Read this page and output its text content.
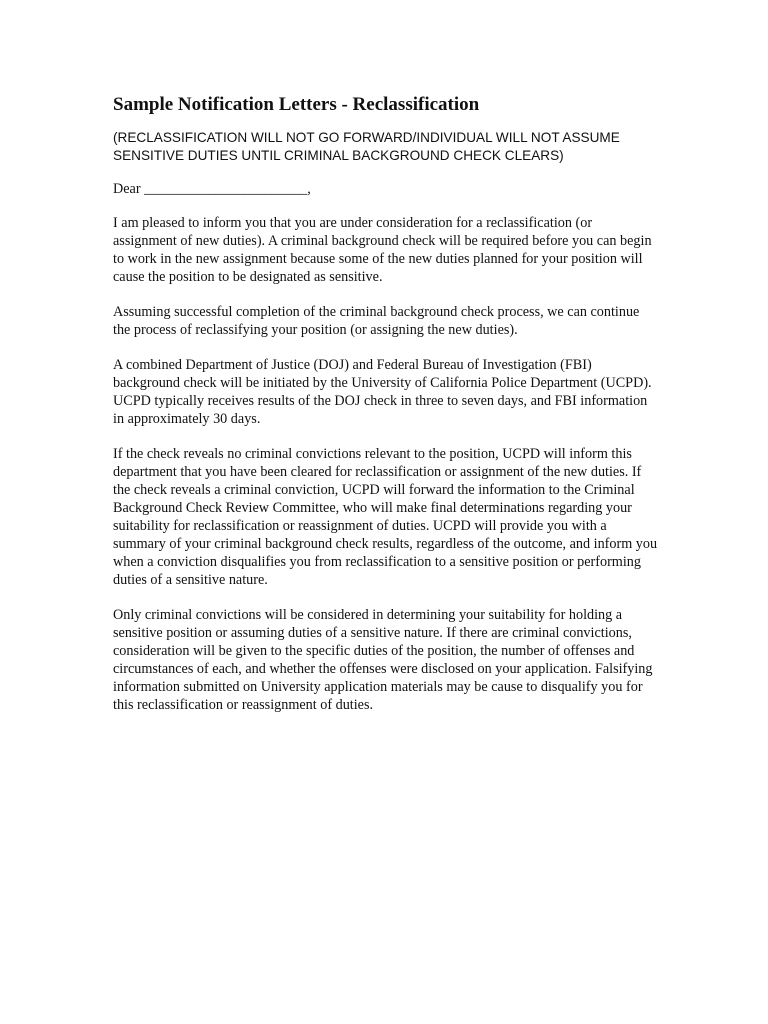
Sample Notification Letters - Reclassification
(RECLASSIFICATION WILL NOT GO FORWARD/INDIVIDUAL WILL NOT ASSUME SENSITIVE DUTIES UNTIL CRIMINAL BACKGROUND CHECK CLEARS)
Dear _______________________,

I am pleased to inform you that you are under consideration for a reclassification (or assignment of new duties). A criminal background check will be required before you can begin to work in the new assignment because some of the new duties planned for your position will cause the position to be designated as sensitive.

Assuming successful completion of the criminal background check process, we can continue the process of reclassifying your position (or assigning the new duties).

A combined Department of Justice (DOJ) and Federal Bureau of Investigation (FBI) background check will be initiated by the University of California Police Department (UCPD). UCPD typically receives results of the DOJ check in three to seven days, and FBI information in approximately 30 days.

If the check reveals no criminal convictions relevant to the position, UCPD will inform this department that you have been cleared for reclassification or assignment of the new duties. If the check reveals a criminal conviction, UCPD will forward the information to the Criminal Background Check Review Committee, who will make final determinations regarding your suitability for reclassification or reassignment of duties. UCPD will provide you with a summary of your criminal background check results, regardless of the outcome, and inform you when a conviction disqualifies you from reclassification to a sensitive position or performing duties of a sensitive nature.

Only criminal convictions will be considered in determining your suitability for holding a sensitive position or assuming duties of a sensitive nature. If there are criminal convictions, consideration will be given to the specific duties of the position, the number of offenses and circumstances of each, and whether the offenses were disclosed on your application. Falsifying information submitted on University application materials may be cause to disqualify you for this reclassification or reassignment of duties.
